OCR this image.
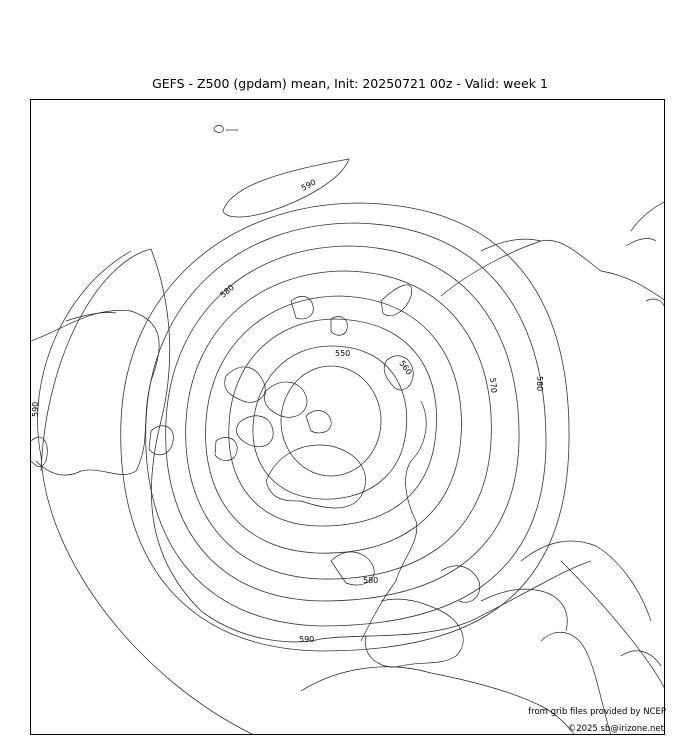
GEFS - Z500 (gpdam) mean, Init: 20250721 00z - Valid: week 1
590
580
550
560
570	580
590
580
590
from grib files provided by NCEP
©2025 sb@irizone.net
